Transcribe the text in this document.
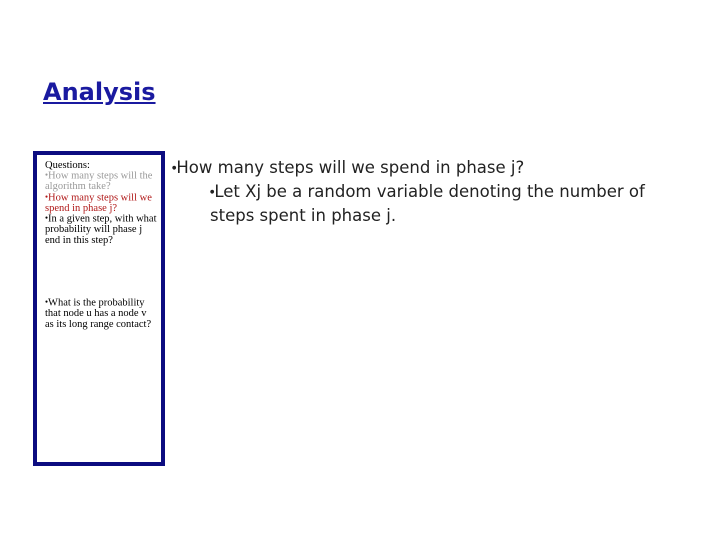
Analysis

Questions:

●How many steps will the algorithm take?

●How many steps will we spend in phase j?

●In a given step, with what probability will phase j end in this step?

●What is the probability that node u has a node v as its long range contact?

●How many steps will we spend in phase j?

●Let Xj be a random variable denoting the number of

steps spent in phase j.
